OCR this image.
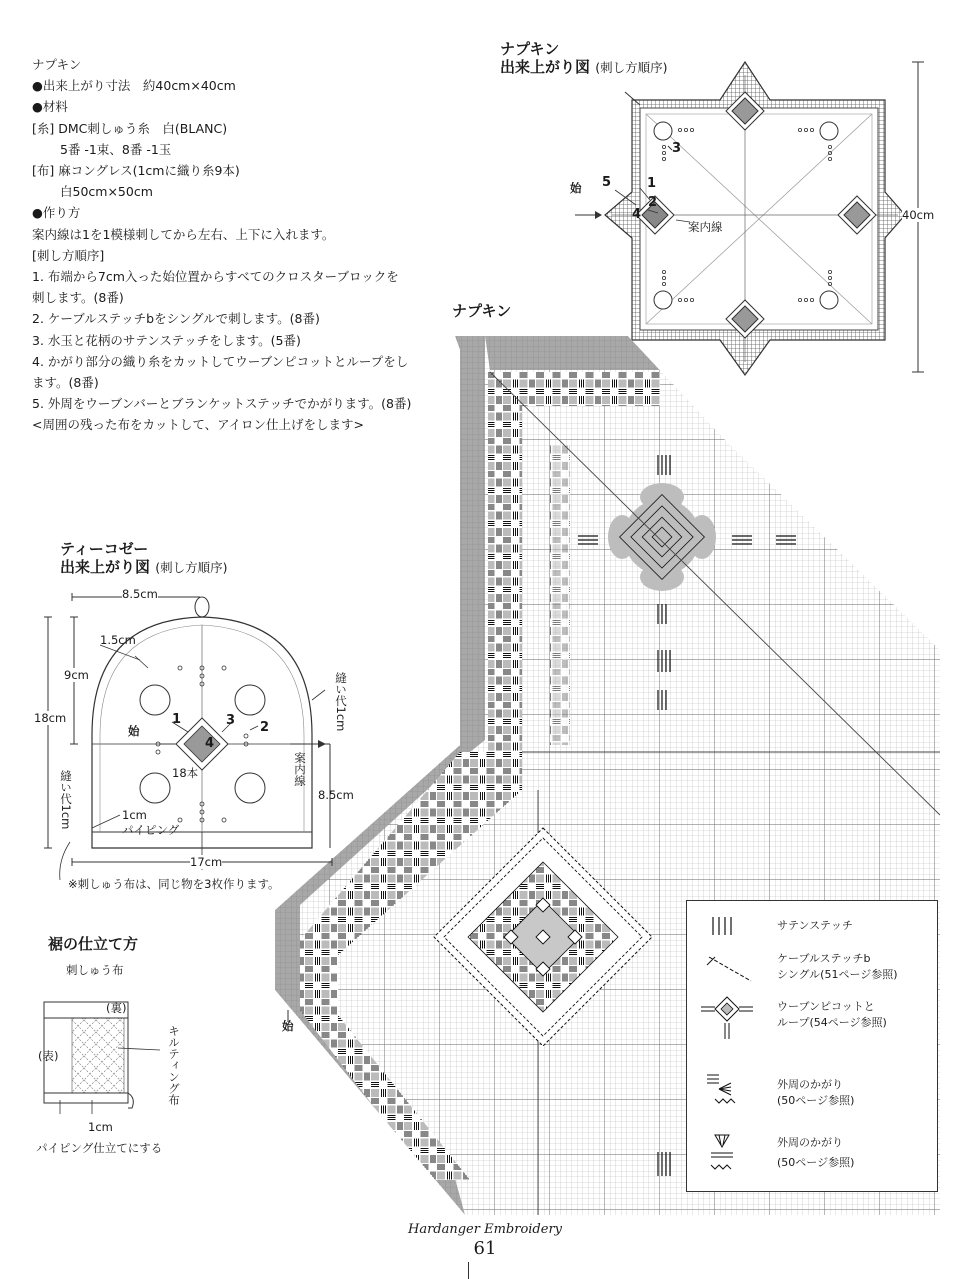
ナプキン
●出来上がり寸法　約40cm×40cm
●材料
[糸] DMC刺しゅう糸　白(BLANC)
5番 -1束、8番 -1玉
[布] 麻コングレス(1cmに織り糸9本)
白50cm×50cm
●作り方
案内線は1を1模様刺してから左右、上下に入れます。
[刺し方順序]
1. 布端から7cm入った始位置からすべてのクロスターブロックを
刺します。(8番)
2. ケーブルステッチbをシングルで刺します。(8番)
3. 水玉と花柄のサテンステッチをします。(5番)
4. かがり部分の織り糸をカットしてウーブンピコットとループをし
ます。(8番)
5. 外周をウーブンバーとブランケットステッチでかがります。(8番)
<周囲の残った布をカットして、アイロン仕上げをします>
ナプキン
出来上がり図 (刺し方順序)
3
始 5	1
2
4
案内線
40cm
ナプキン
始
サテンステッチ
ケーブルステッチb
シングル(51ページ参照)
ウーブンピコットと
ループ(54ページ参照)
外周のかがり
(50ページ参照)
外周のかがり
(50ページ参照)
ティーコゼー
出来上がり図 (刺し方順序)
8.5cm
1.5cm
9cm
18cm
縫い代1cm
縫い代1cm
始
1	3 2
4
18本	案内線
8.5cm
1cm
パイピング
17cm
※刺しゅう布は、同じ物を3枚作ります。
裾の仕立て方
刺しゅう布
(裏)
(表)	キルティング布
1cm
パイピング仕立てにする
Hardanger Embroidery
61
